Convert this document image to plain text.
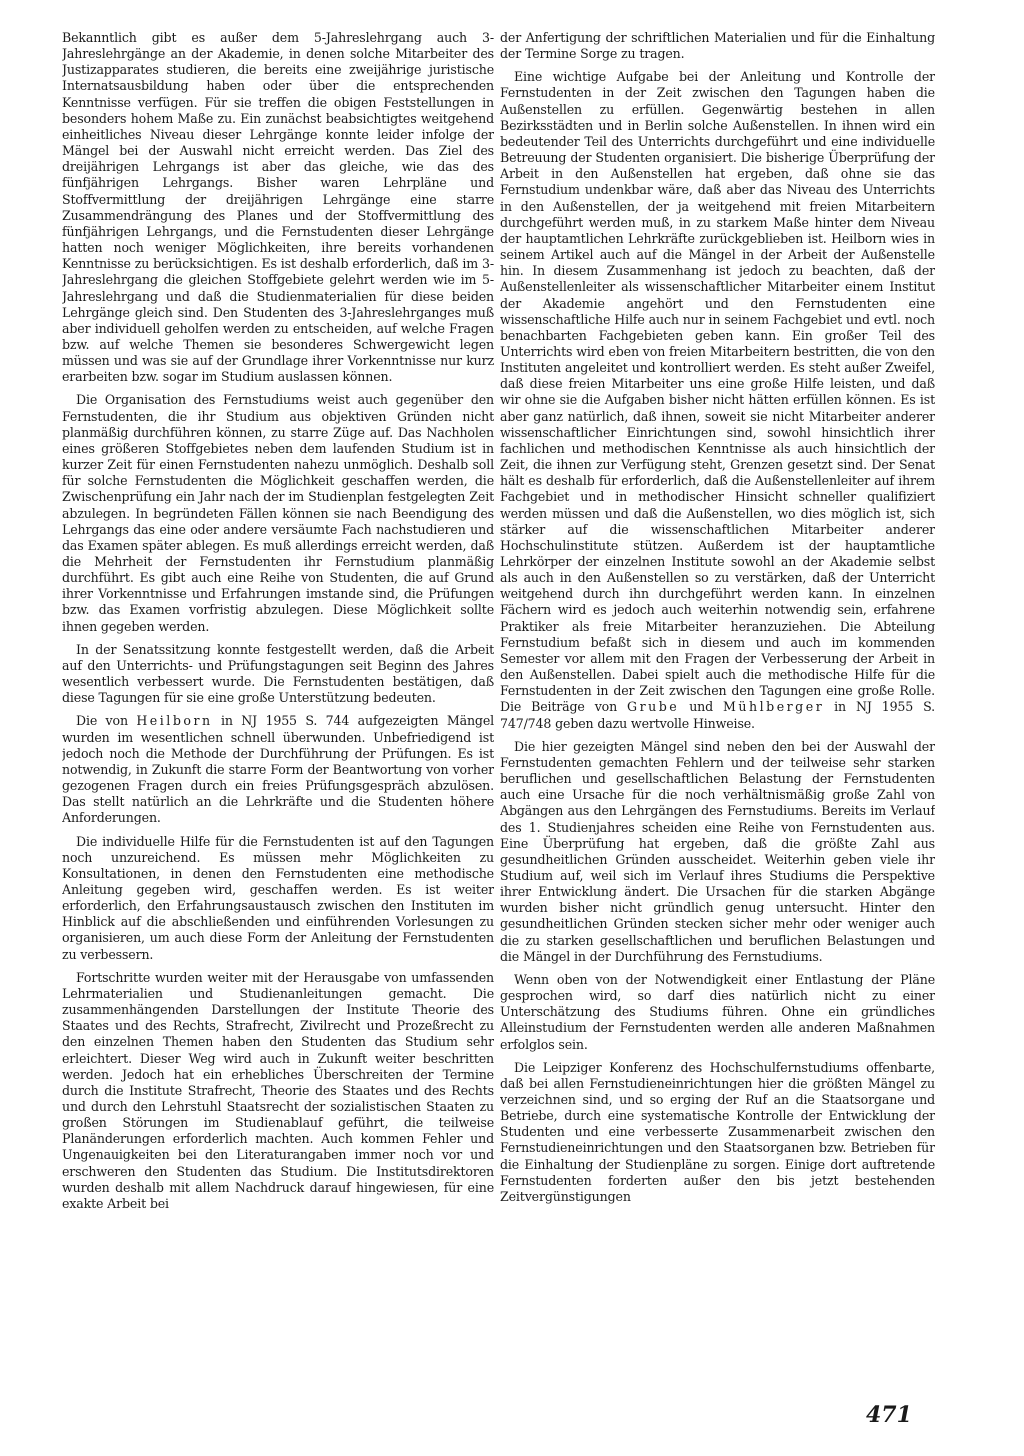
Bekanntlich gibt es außer dem 5-Jahreslehrgang auch 3-Jahreslehrgänge an der Akademie, in denen solche Mitarbeiter des Justizapparates studieren, die bereits eine zweijährige juristische Internatsausbildung haben oder über die entsprechenden Kenntnisse verfügen. Für sie treffen die obigen Feststellungen in besonders hohem Maße zu. Ein zunächst beabsichtigtes weitgehend einheitliches Niveau dieser Lehrgänge konnte leider infolge der Mängel bei der Auswahl nicht erreicht werden. Das Ziel des dreijährigen Lehrgangs ist aber das gleiche, wie das des fünfjährigen Lehrgangs. Bisher waren Lehrpläne und Stoffvermittlung der dreijährigen Lehrgänge eine starre Zusammendrängung des Planes und der Stoffvermittlung des fünfjährigen Lehrgangs, und die Fernstudenten dieser Lehrgänge hatten noch weniger Möglichkeiten, ihre bereits vorhandenen Kenntnisse zu berücksichtigen. Es ist deshalb erforderlich, daß im 3-Jahreslehrgang die gleichen Stoffgebiete gelehrt werden wie im 5-Jahreslehrgang und daß die Studienmaterialien für diese beiden Lehrgänge gleich sind. Den Studenten des 3-Jahreslehrganges muß aber individuell geholfen werden zu entscheiden, auf welche Fragen bzw. auf welche Themen sie besonderes Schwergewicht legen müssen und was sie auf der Grundlage ihrer Vorkenntnisse nur kurz erarbeiten bzw. sogar im Studium auslassen können.

Die Organisation des Fernstudiums weist auch gegenüber den Fernstudenten, die ihr Studium aus objektiven Gründen nicht planmäßig durchführen können, zu starre Züge auf. Das Nachholen eines größeren Stoffgebietes neben dem laufenden Studium ist in kurzer Zeit für einen Fernstudenten nahezu unmöglich. Deshalb soll für solche Fernstudenten die Möglichkeit geschaffen werden, die Zwischenprüfung ein Jahr nach der im Studienplan festgelegten Zeit abzulegen. In begründeten Fällen können sie nach Beendigung des Lehrgangs das eine oder andere versäumte Fach nachstudieren und das Examen später ablegen. Es muß allerdings erreicht werden, daß die Mehrheit der Fernstudenten ihr Fernstudium planmäßig durchführt. Es gibt auch eine Reihe von Studenten, die auf Grund ihrer Vorkenntnisse und Erfahrungen imstande sind, die Prüfungen bzw. das Examen vorfristig abzulegen. Diese Möglichkeit sollte ihnen gegeben werden.

In der Senatssitzung konnte festgestellt werden, daß die Arbeit auf den Unterrichts- und Prüfungstagungen seit Beginn des Jahres wesentlich verbessert wurde. Die Fernstudenten bestätigen, daß diese Tagungen für sie eine große Unterstützung bedeuten.

Die von Heilborn in NJ 1955 S. 744 aufgezeigten Mängel wurden im wesentlichen schnell überwunden. Unbefriedigend ist jedoch noch die Methode der Durchführung der Prüfungen. Es ist notwendig, in Zukunft die starre Form der Beantwortung von vorher gezogenen Fragen durch ein freies Prüfungsgespräch abzulösen. Das stellt natürlich an die Lehrkräfte und die Studenten höhere Anforderungen.

Die individuelle Hilfe für die Fernstudenten ist auf den Tagungen noch unzureichend. Es müssen mehr Möglichkeiten zu Konsultationen, in denen den Fernstudenten eine methodische Anleitung gegeben wird, geschaffen werden. Es ist weiter erforderlich, den Erfahrungsaustausch zwischen den Instituten im Hinblick auf die abschließenden und einführenden Vorlesungen zu organisieren, um auch diese Form der Anleitung der Fernstudenten zu verbessern.

Fortschritte wurden weiter mit der Herausgabe von umfassenden Lehrmaterialien und Studienanleitungen gemacht. Die zusammenhängenden Darstellungen der Institute Theorie des Staates und des Rechts, Strafrecht, Zivilrecht und Prozeßrecht zu den einzelnen Themen haben den Studenten das Studium sehr erleichtert. Dieser Weg wird auch in Zukunft weiter beschritten werden. Jedoch hat ein erhebliches Überschreiten der Termine durch die Institute Strafrecht, Theorie des Staates und des Rechts und durch den Lehrstuhl Staatsrecht der sozialistischen Staaten zu großen Störungen im Studienablauf geführt, die teilweise Planänderungen erforderlich machten. Auch kommen Fehler und Ungenauigkeiten bei den Literaturangaben immer noch vor und erschweren den Studenten das Studium. Die Institutsdirektoren wurden deshalb mit allem Nachdruck darauf hingewiesen, für eine exakte Arbeit bei

der Anfertigung der schriftlichen Materialien und für die Einhaltung der Termine Sorge zu tragen.

Eine wichtige Aufgabe bei der Anleitung und Kontrolle der Fernstudenten in der Zeit zwischen den Tagungen haben die Außenstellen zu erfüllen. Gegenwärtig bestehen in allen Bezirksstädten und in Berlin solche Außenstellen. In ihnen wird ein bedeutender Teil des Unterrichts durchgeführt und eine individuelle Betreuung der Studenten organisiert. Die bisherige Überprüfung der Arbeit in den Außenstellen hat ergeben, daß ohne sie das Fernstudium undenkbar wäre, daß aber das Niveau des Unterrichts in den Außenstellen, der ja weitgehend mit freien Mitarbeitern durchgeführt werden muß, in zu starkem Maße hinter dem Niveau der hauptamtlichen Lehrkräfte zurückgeblieben ist. Heilborn wies in seinem Artikel auch auf die Mängel in der Arbeit der Außenstelle hin. In diesem Zusammenhang ist jedoch zu beachten, daß der Außenstellenleiter als wissenschaftlicher Mitarbeiter einem Institut der Akademie angehört und den Fernstudenten eine wissenschaftliche Hilfe auch nur in seinem Fachgebiet und evtl. noch benachbarten Fachgebieten geben kann. Ein großer Teil des Unterrichts wird eben von freien Mitarbeitern bestritten, die von den Instituten angeleitet und kontrolliert werden. Es steht außer Zweifel, daß diese freien Mitarbeiter uns eine große Hilfe leisten, und daß wir ohne sie die Aufgaben bisher nicht hätten erfüllen können. Es ist aber ganz natürlich, daß ihnen, soweit sie nicht Mitarbeiter anderer wissenschaftlicher Einrichtungen sind, sowohl hinsichtlich ihrer fachlichen und methodischen Kenntnisse als auch hinsichtlich der Zeit, die ihnen zur Verfügung steht, Grenzen gesetzt sind. Der Senat hält es deshalb für erforderlich, daß die Außenstellenleiter auf ihrem Fachgebiet und in methodischer Hinsicht schneller qualifiziert werden müssen und daß die Außenstellen, wo dies möglich ist, sich stärker auf die wissenschaftlichen Mitarbeiter anderer Hochschulinstitute stützen. Außerdem ist der hauptamtliche Lehrkörper der einzelnen Institute sowohl an der Akademie selbst als auch in den Außenstellen so zu verstärken, daß der Unterricht weitgehend durch ihn durchgeführt werden kann. In einzelnen Fächern wird es jedoch auch weiterhin notwendig sein, erfahrene Praktiker als freie Mitarbeiter heranzuziehen. Die Abteilung Fernstudium befaßt sich in diesem und auch im kommenden Semester vor allem mit den Fragen der Verbesserung der Arbeit in den Außenstellen. Dabei spielt auch die methodische Hilfe für die Fernstudenten in der Zeit zwischen den Tagungen eine große Rolle. Die Beiträge von Grube und Mühlberger in NJ 1955 S. 747/748 geben dazu wertvolle Hinweise.

Die hier gezeigten Mängel sind neben den bei der Auswahl der Fernstudenten gemachten Fehlern und der teilweise sehr starken beruflichen und gesellschaftlichen Belastung der Fernstudenten auch eine Ursache für die noch verhältnismäßig große Zahl von Abgängen aus den Lehrgängen des Fernstudiums. Bereits im Verlauf des 1. Studienjahres scheiden eine Reihe von Fernstudenten aus. Eine Überprüfung hat ergeben, daß die größte Zahl aus gesundheitlichen Gründen ausscheidet. Weiterhin geben viele ihr Studium auf, weil sich im Verlauf ihres Studiums die Perspektive ihrer Entwicklung ändert. Die Ursachen für die starken Abgänge wurden bisher nicht gründlich genug untersucht. Hinter den gesundheitlichen Gründen stecken sicher mehr oder weniger auch die zu starken gesellschaftlichen und beruflichen Belastungen und die Mängel in der Durchführung des Fernstudiums.

Wenn oben von der Notwendigkeit einer Entlastung der Pläne gesprochen wird, so darf dies natürlich nicht zu einer Unterschätzung des Studiums führen. Ohne ein gründliches Alleinstudium der Fernstudenten werden alle anderen Maßnahmen erfolglos sein.

Die Leipziger Konferenz des Hochschulfernstudiums offenbarte, daß bei allen Fernstudieneinrichtungen hier die größten Mängel zu verzeichnen sind, und so erging der Ruf an die Staatsorgane und Betriebe, durch eine systematische Kontrolle der Entwicklung der Studenten und eine verbesserte Zusammenarbeit zwischen den Fernstudieneinrichtungen und den Staatsorganen bzw. Betrieben für die Einhaltung der Studienpläne zu sorgen. Einige dort auftretende Fernstudenten forderten außer den bis jetzt bestehenden Zeitvergünstigungen

471
